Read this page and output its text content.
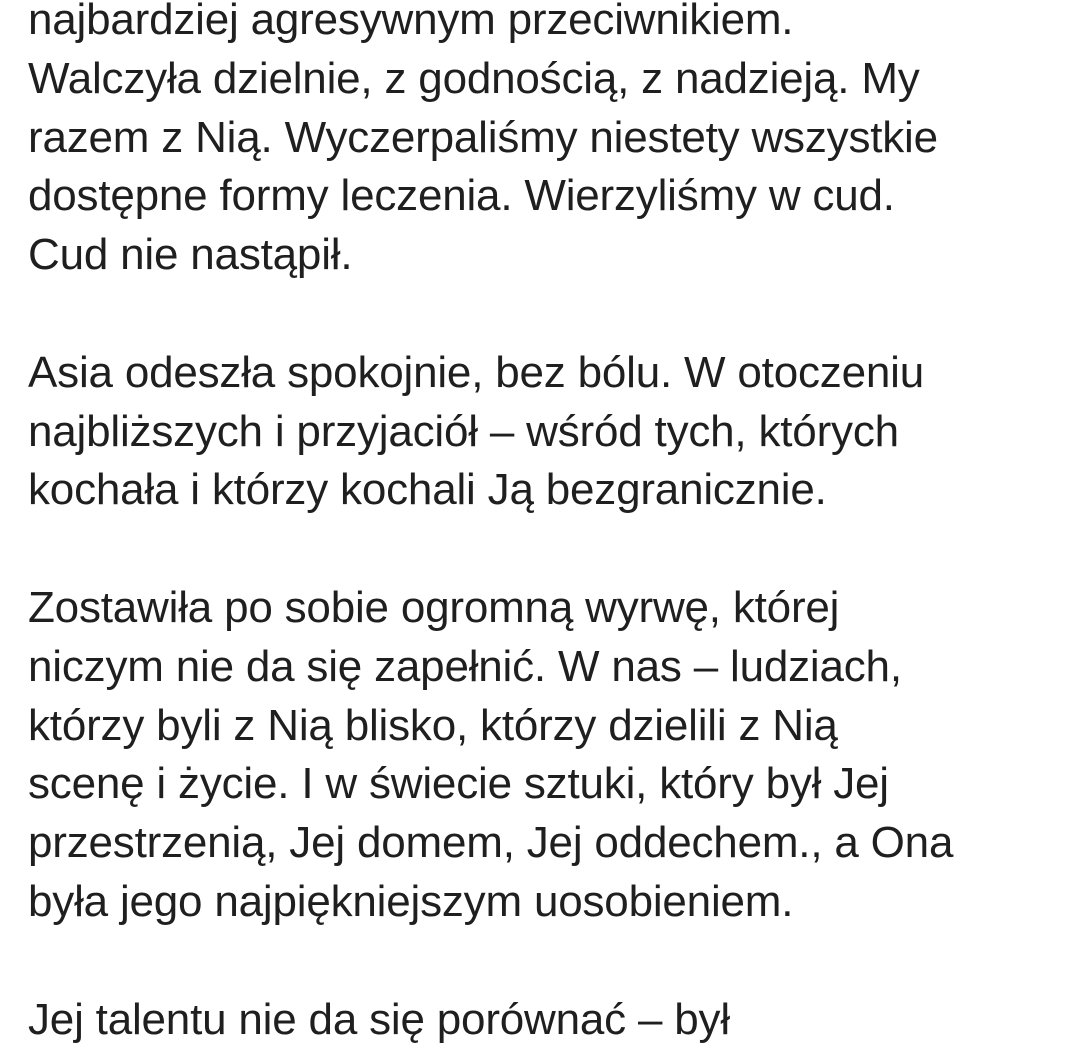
najbardziej agresywnym przeciwnikiem.
Walczyła dzielnie, z godnością, z nadzieją. My
razem z Nią. Wyczerpaliśmy niestety wszystkie
dostępne formy leczenia. Wierzyliśmy w cud.
Cud nie nastąpił.
Asia odeszła spokojnie, bez bólu. W otoczeniu
najbliższych i przyjaciół – wśród tych, których
kochała i którzy kochali Ją bezgranicznie.
Zostawiła po sobie ogromną wyrwę, której
niczym nie da się zapełnić. W nas – ludziach,
którzy byli z Nią blisko, którzy dzielili z Nią
scenę i życie. I w świecie sztuki, który był Jej
przestrzenią, Jej domem, Jej oddechem., a Ona
była jego najpiękniejszym uosobieniem.
Jej talentu nie da się porównać – był
